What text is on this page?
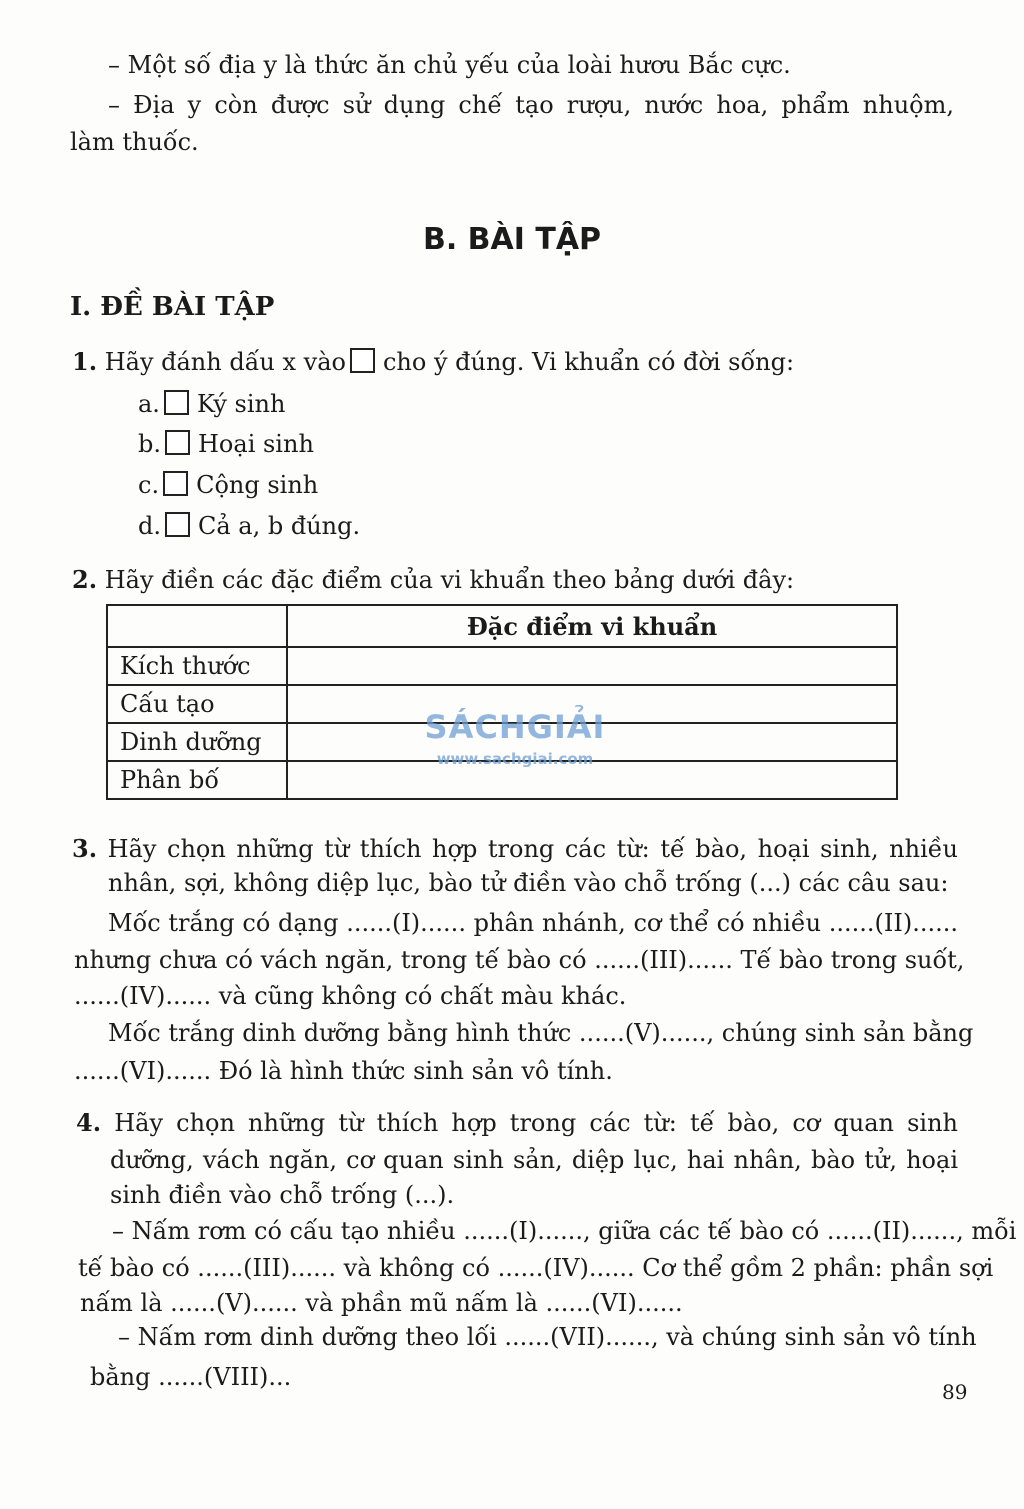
– Một số địa y là thức ăn chủ yếu của loài hươu Bắc cực.
– Địa y còn được sử dụng chế tạo rượu, nước hoa, phẩm nhuộm,
làm thuốc.
B. BÀI TẬP
I. ĐỀ BÀI TẬP
1. Hãy đánh dấu x vào cho ý đúng. Vi khuẩn có đời sống:
a. Ký sinh
b. Hoại sinh
c. Cộng sinh
d. Cả a, b đúng.
2. Hãy điền các đặc điểm của vi khuẩn theo bảng dưới đây:
	Đặc điểm vi khuẩn
Kích thước	
Cấu tạo	
Dinh dưỡng	
Phân bố	
SÁCHGIẢI
www.sachgiai.com
3. Hãy chọn những từ thích hợp trong các từ: tế bào, hoại sinh, nhiều
nhân, sợi, không diệp lục, bào tử điền vào chỗ trống (...) các câu sau:
Mốc trắng có dạng ......(I)...... phân nhánh, cơ thể có nhiều ......(II)......
nhưng chưa có vách ngăn, trong tế bào có ......(III)...... Tế bào trong suốt,
......(IV)...... và cũng không có chất màu khác.
Mốc trắng dinh dưỡng bằng hình thức ......(V)......, chúng sinh sản bằng
......(VI)...... Đó là hình thức sinh sản vô tính.
4. Hãy chọn những từ thích hợp trong các từ: tế bào, cơ quan sinh
dưỡng, vách ngăn, cơ quan sinh sản, diệp lục, hai nhân, bào tử, hoại
sinh điền vào chỗ trống (...).
– Nấm rơm có cấu tạo nhiều ......(I)......, giữa các tế bào có ......(II)......, mỗi
tế bào có ......(III)...... và không có ......(IV)...... Cơ thể gồm 2 phần: phần sợi
nấm là ......(V)...... và phần mũ nấm là ......(VI)......
– Nấm rơm dinh dưỡng theo lối ......(VII)......, và chúng sinh sản vô tính
bằng ......(VIII)...
89
